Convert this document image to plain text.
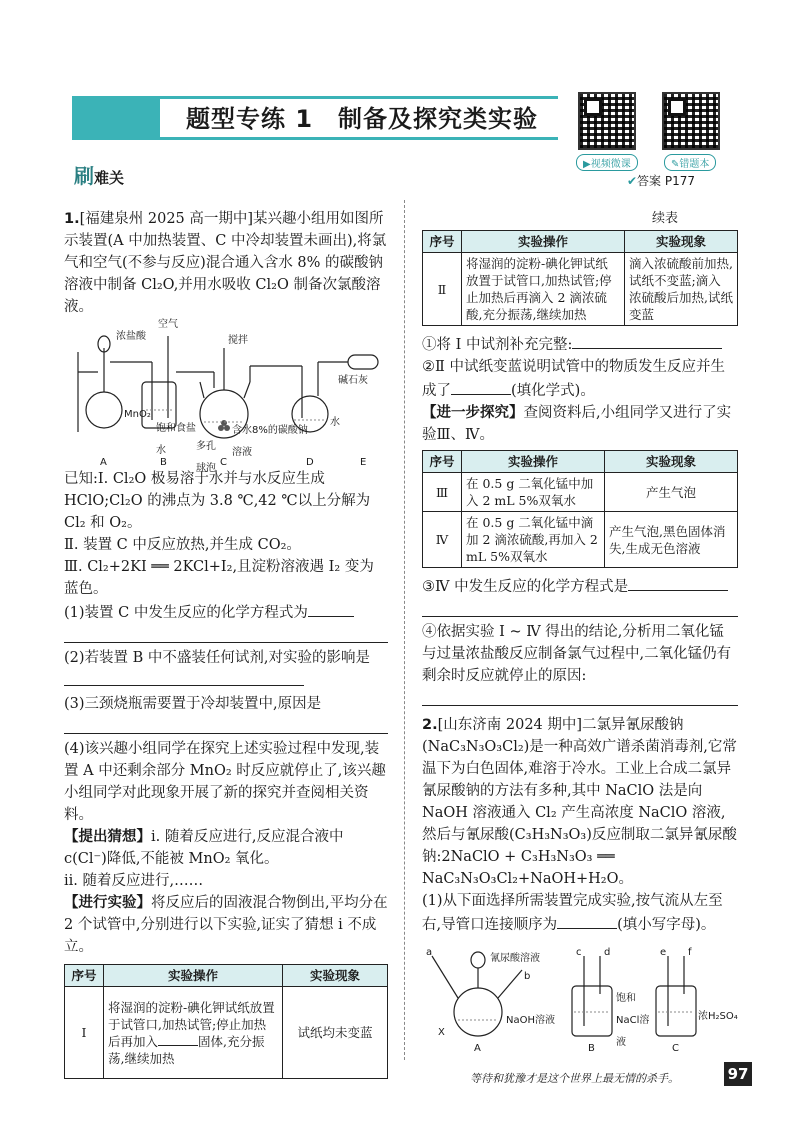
题型专练 1　制备及探究类实验
▶视频微课	✎错题本
刷难关	✔答案 P177

1.[福建泉州 2025 高一期中]某兴趣小组用如图所示装置(A 中加热装置、C 中冷却装置未画出),将氯气和空气(不参与反应)混合通入含水 8% 的碳酸钠溶液中制备 Cl₂O,并用水吸收 Cl₂O 制备次氯酸溶液。

浓盐酸
空气
搅拌
MnO₂
饱和食盐水	多孔球泡
含水8%的碳酸钠溶液
水
碱石灰
A	B	C	D	E

已知:Ⅰ. Cl₂O 极易溶于水并与水反应生成 HClO;Cl₂O 的沸点为 3.8 ℃,42 ℃以上分解为 Cl₂ 和 O₂。

Ⅱ. 装置 C 中反应放热,并生成 CO₂。

Ⅲ. Cl₂+2KI ══ 2KCl+I₂,且淀粉溶液遇 I₂ 变为蓝色。

(1)装置 C 中发生反应的化学方程式为

(2)若装置 B 中不盛装任何试剂,对实验的影响是

(3)三颈烧瓶需要置于冷却装置中,原因是

(4)该兴趣小组同学在探究上述实验过程中发现,装置 A 中还剩余部分 MnO₂ 时反应就停止了,该兴趣小组同学对此现象开展了新的探究并查阅相关资料。

【提出猜想】ⅰ. 随着反应进行,反应混合液中 c(Cl⁻)降低,不能被 MnO₂ 氧化。

ⅱ. 随着反应进行,……

【进行实验】将反应后的固液混合物倒出,平均分在 2 个试管中,分别进行以下实验,证实了猜想 ⅰ 不成立。

序号	实验操作	实验现象
Ⅰ	将湿润的淀粉-碘化钾试纸放置于试管口,加热试管;停止加热后再加入 固体,充分振荡,继续加热	试纸均未变蓝

续表

序号	实验操作	实验现象
Ⅱ	将湿润的淀粉-碘化钾试纸放置于试管口,加热试管;停止加热后再滴入 2 滴浓硫酸,充分振荡,继续加热	滴入浓硫酸前加热,试纸不变蓝;滴入浓硫酸后加热,试纸变蓝

①将 Ⅰ 中试剂补充完整:

②Ⅱ 中试纸变蓝说明试管中的物质发生反应并生成了	(填化学式)。

【进一步探究】查阅资料后,小组同学又进行了实验Ⅲ、Ⅳ。

序号	实验操作	实验现象
Ⅲ	在 0.5 g 二氧化锰中加入 2 mL 5%双氧水	产生气泡
Ⅳ	在 0.5 g 二氧化锰中滴加 2 滴浓硫酸,再加入 2 mL 5%双氧水	产生气泡,黑色固体消失,生成无色溶液

③Ⅳ 中发生反应的化学方程式是

④依据实验 Ⅰ ~ Ⅳ 得出的结论,分析用二氧化锰与过量浓盐酸反应制备氯气过程中,二氧化锰仍有剩余时反应就停止的原因:

2.[山东济南 2024 期中]二氯异氰尿酸钠(NaC₃N₃O₃Cl₂)是一种高效广谱杀菌消毒剂,它常温下为白色固体,难溶于冷水。工业上合成二氯异氰尿酸钠的方法有多种,其中 NaClO 法是向 NaOH 溶液通入 Cl₂ 产生高浓度 NaClO 溶液,然后与氰尿酸(C₃H₃N₃O₃)反应制取二氯异氰尿酸钠:2NaClO + C₃H₃N₃O₃ ══ NaC₃N₃O₃Cl₂+NaOH+H₂O。

(1)从下面选择所需装置完成实验,按气流从左至右,导管口连接顺序为	(填小写字母)。

a
b
c d	e f
氰尿酸溶液
NaOH溶液
饱和NaCl溶液
浓H₂SO₄
X
A	B	C
等待和犹豫才是这个世界上最无情的杀手。	97
